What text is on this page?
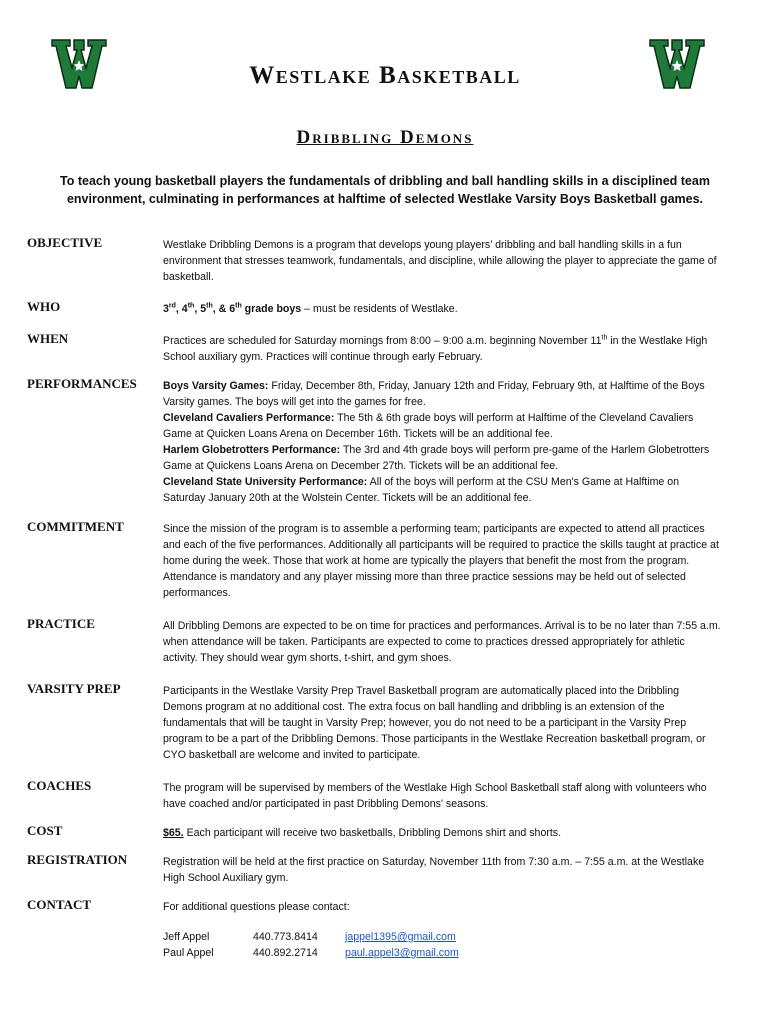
Westlake Basketball
Dribbling Demons
To teach young basketball players the fundamentals of dribbling and ball handling skills in a disciplined team environment, culminating in performances at halftime of selected Westlake Varsity Boys Basketball games.
OBJECTIVE	Westlake Dribbling Demons is a program that develops young players’ dribbling and ball handling skills in a fun environment that stresses teamwork, fundamentals, and discipline, while allowing the player to appreciate the game of basketball.
WHO	3rd, 4th, 5th, & 6th grade boys – must be residents of Westlake.
WHEN	Practices are scheduled for Saturday mornings from 8:00 – 9:00 a.m. beginning November 11th in the Westlake High School auxiliary gym. Practices will continue through early February.
PERFORMANCES	Boys Varsity Games: Friday, December 8th, Friday, January 12th and Friday, February 9th, at Halftime of the Boys Varsity games. The boys will get into the games for free.

Cleveland Cavaliers Performance: The 5th & 6th grade boys will perform at Halftime of the Cleveland Cavaliers Game at Quicken Loans Arena on December 16th. Tickets will be an additional fee.

Harlem Globetrotters Performance: The 3rd and 4th grade boys will perform pre-game of the Harlem Globetrotters Game at Quickens Loans Arena on December 27th. Tickets will be an additional fee.

Cleveland State University Performance: All of the boys will perform at the CSU Men's Game at Halftime on Saturday January 20th at the Wolstein Center. Tickets will be an additional fee.

COMMITMENT	Since the mission of the program is to assemble a performing team; participants are expected to attend all practices and each of the five performances. Additionally all participants will be required to practice the skills taught at practice at home during the week. Those that work at home are typically the players that benefit the most from the program. Attendance is mandatory and any player missing more than three practice sessions may be held out of selected performances.
PRACTICE	All Dribbling Demons are expected to be on time for practices and performances. Arrival is to be no later than 7:55 a.m. when attendance will be taken. Participants are expected to come to practices dressed appropriately for athletic activity. They should wear gym shorts, t-shirt, and gym shoes.
VARSITY PREP	Participants in the Westlake Varsity Prep Travel Basketball program are automatically placed into the Dribbling Demons program at no additional cost. The extra focus on ball handling and dribbling is an extension of the fundamentals that will be taught in Varsity Prep; however, you do not need to be a participant in the Varsity Prep program to be a part of the Dribbling Demons. Those participants in the Westlake Recreation basketball program, or CYO basketball are welcome and invited to participate.
COACHES	The program will be supervised by members of the Westlake High School Basketball staff along with volunteers who have coached and/or participated in past Dribbling Demons' seasons.
COST	$65. Each participant will receive two basketballs, Dribbling Demons shirt and shorts.
REGISTRATION	Registration will be held at the first practice on Saturday, November 11th from 7:30 a.m. – 7:55 a.m. at the Westlake High School Auxiliary gym.
CONTACT	For additional questions please contact:
Jeff Appel	440.773.8414	jappel1395@gmail.com
Paul Appel	440.892.2714	paul.appel3@gmail.com
